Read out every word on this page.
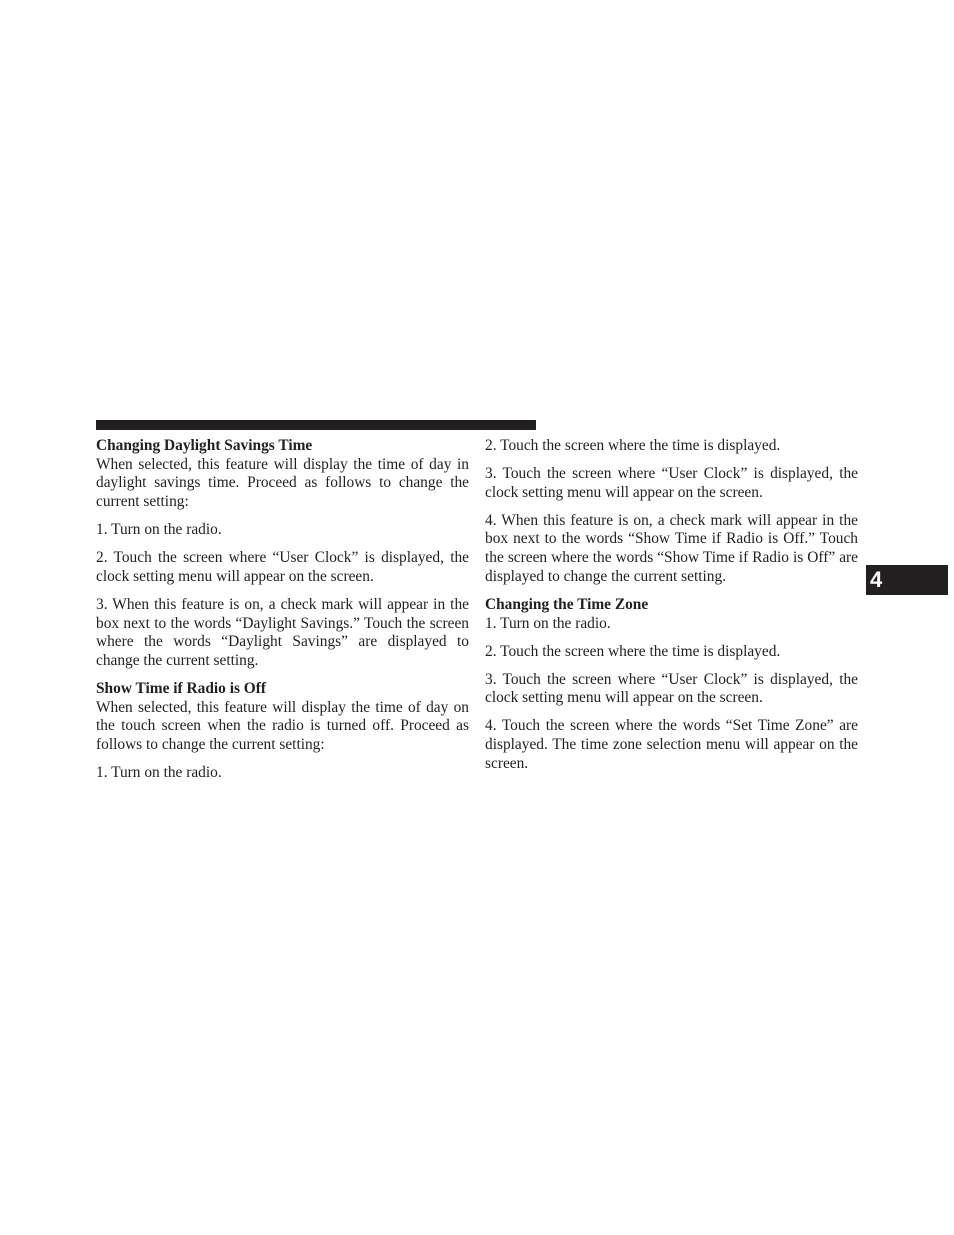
Changing Daylight Savings Time

When selected, this feature will display the time of day in daylight savings time. Proceed as follows to change the current setting:

1. Turn on the radio.

2. Touch the screen where “User Clock” is displayed, the clock setting menu will appear on the screen.

3. When this feature is on, a check mark will appear in the box next to the words “Daylight Savings.” Touch the screen where the words “Daylight Savings” are displayed to change the current setting.

Show Time if Radio is Off

When selected, this feature will display the time of day on the touch screen when the radio is turned off. Proceed as follows to change the current setting:

1. Turn on the radio.

2. Touch the screen where the time is displayed.

3. Touch the screen where “User Clock” is displayed, the clock setting menu will appear on the screen.

4. When this feature is on, a check mark will appear in the box next to the words “Show Time if Radio is Off.” Touch the screen where the words “Show Time if Radio is Off” are displayed to change the current setting.

Changing the Time Zone

1. Turn on the radio.

2. Touch the screen where the time is displayed.

3. Touch the screen where “User Clock” is displayed, the clock setting menu will appear on the screen.

4. Touch the screen where the words “Set Time Zone” are displayed. The time zone selection menu will appear on the screen.

4
